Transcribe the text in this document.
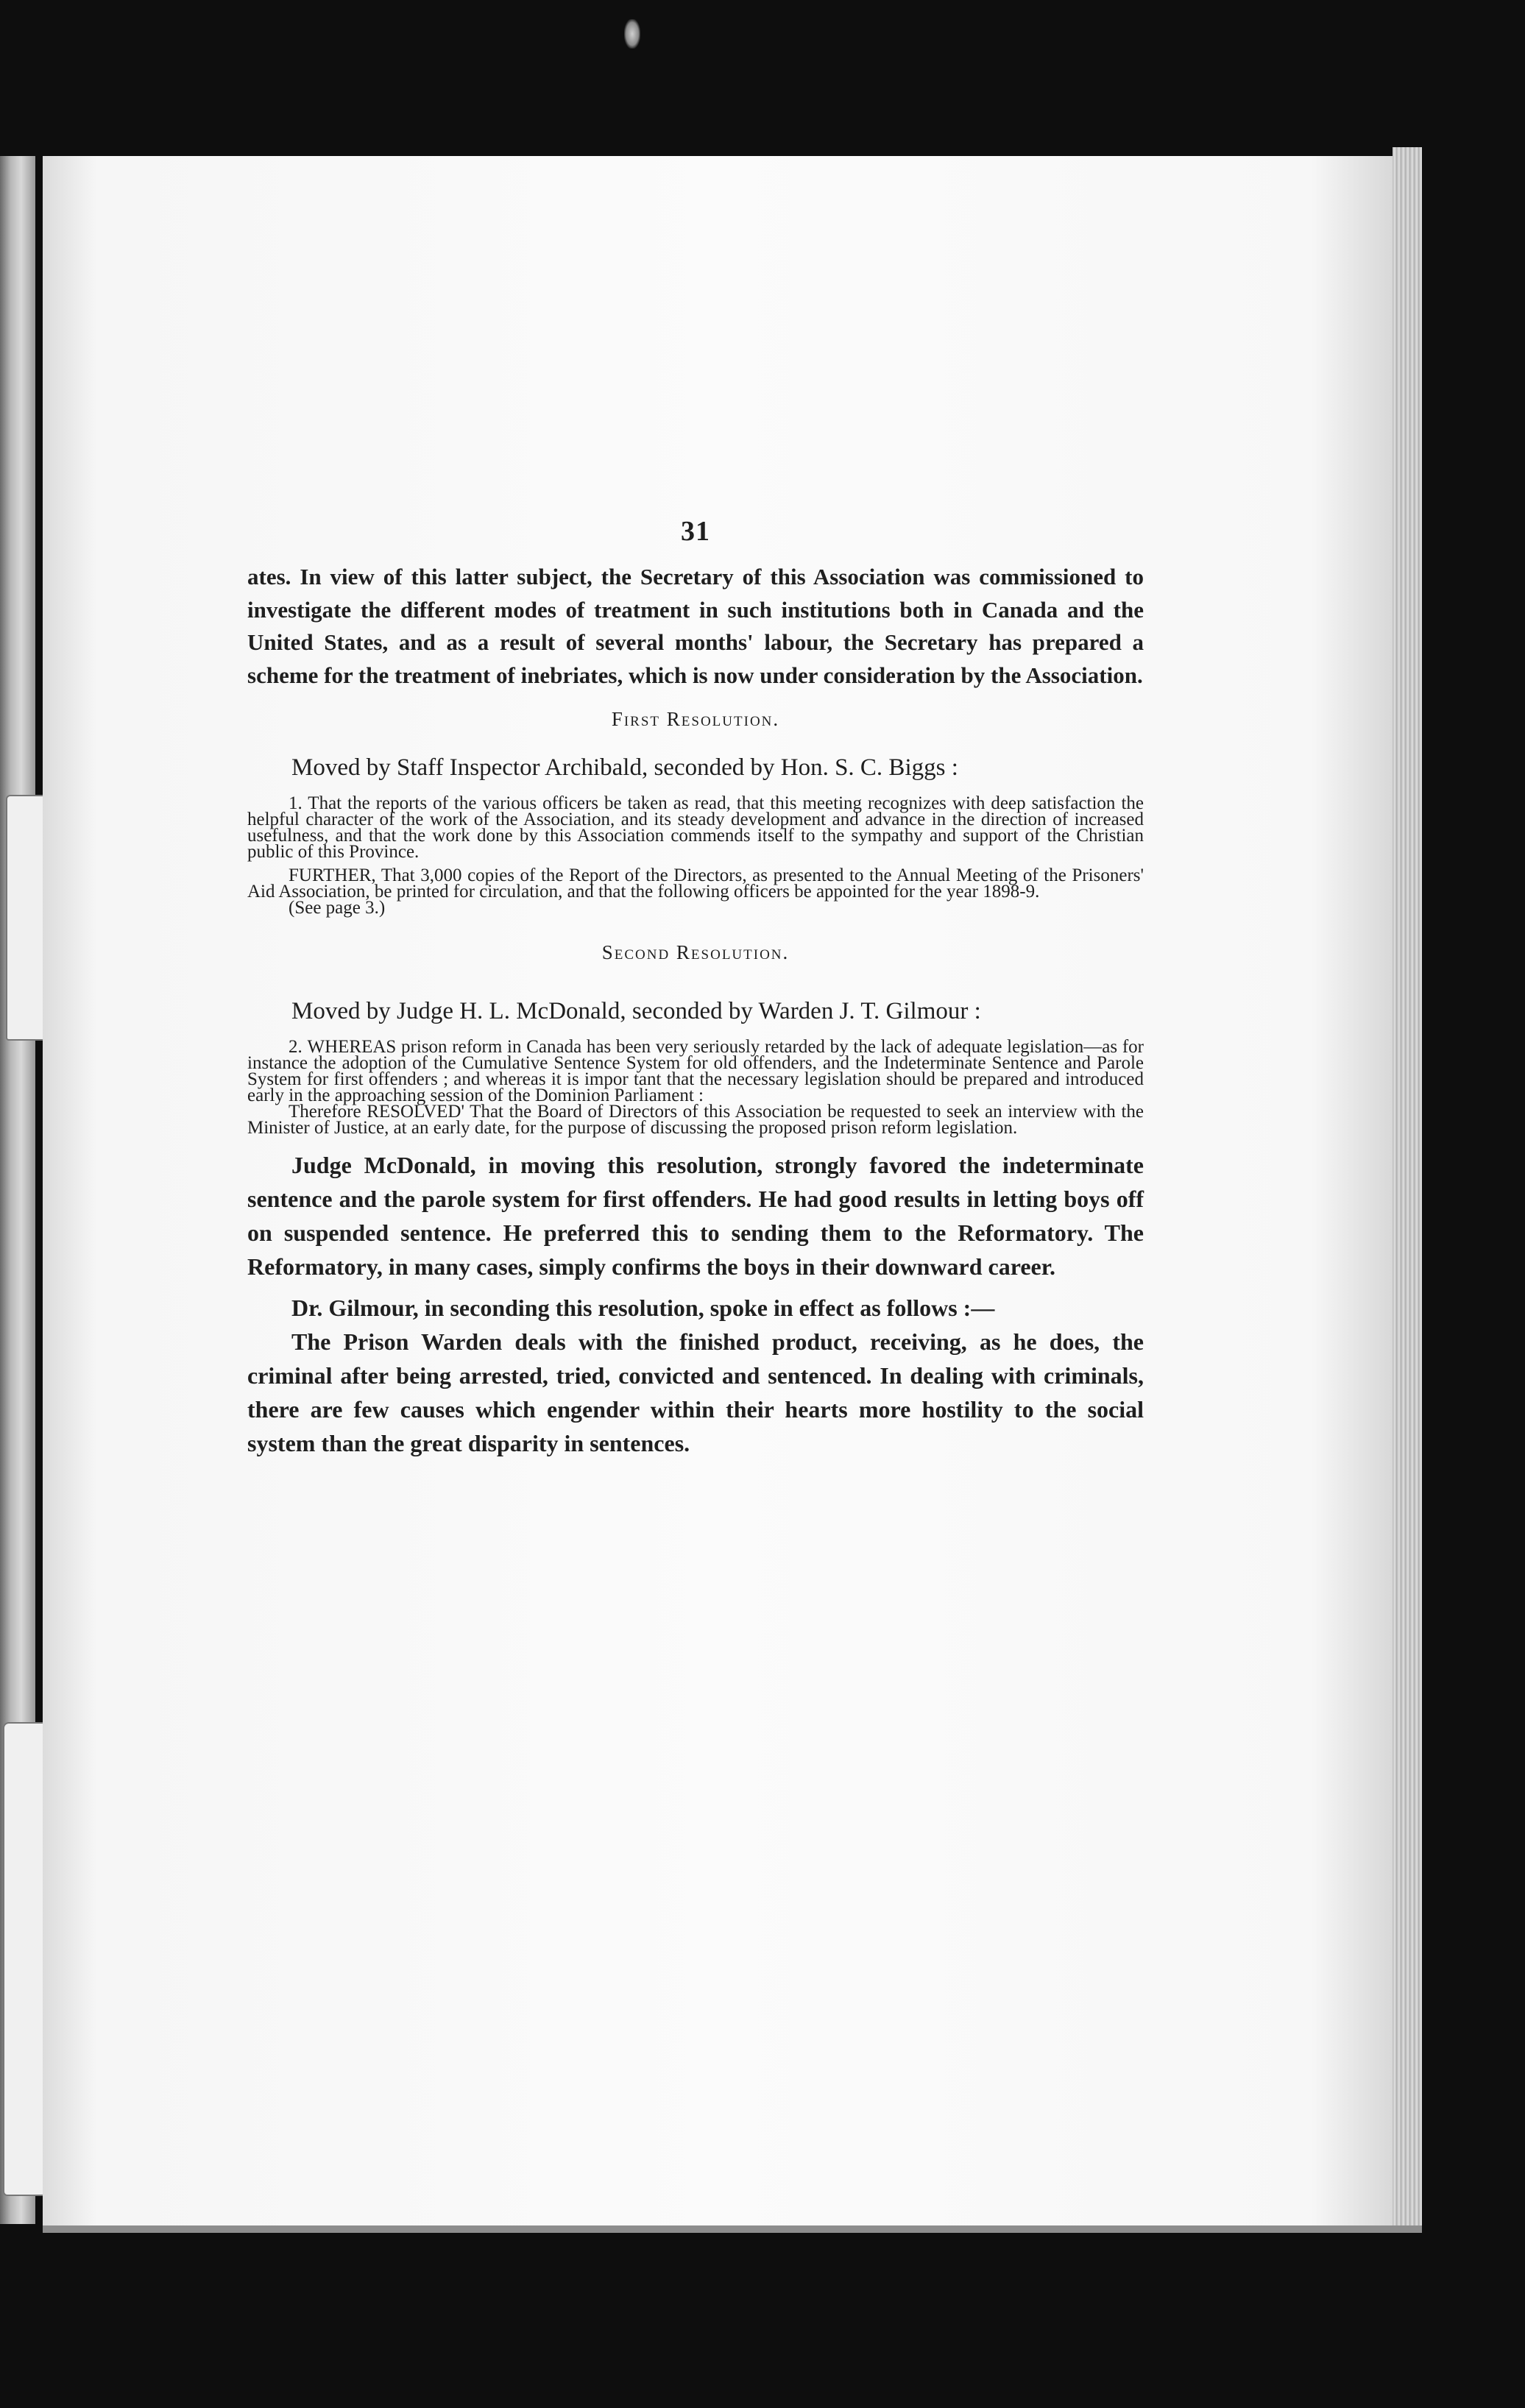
31

ates. In view of this latter subject, the Secretary of this Association was commissioned to investigate the different modes of treatment in such institutions both in Canada and the United States, and as a result of several months' labour, the Secretary has prepared a scheme for the treatment of inebriates, which is now under consideration by the Association.

First Resolution.

Moved by Staff Inspector Archibald, seconded by Hon. S. C. Biggs :

1. That the reports of the various officers be taken as read, that this meeting recognizes with deep satisfaction the helpful character of the work of the Association, and its steady development and advance in the direction of increased usefulness, and that the work done by this Association commends itself to the sympathy and support of the Christian public of this Province.

FURTHER, That 3,000 copies of the Report of the Directors, as presented to the Annual Meeting of the Prisoners' Aid Association, be printed for circulation, and that the following officers be appointed for the year 1898-9.

(See page 3.)

Second Resolution.

Moved by Judge H. L. McDonald, seconded by Warden J. T. Gilmour :

2. WHEREAS prison reform in Canada has been very seriously retarded by the lack of adequate legislation—as for instance the adoption of the Cumulative Sentence System for old offenders, and the Indeterminate Sentence and Parole System for first offenders ; and whereas it is impor tant that the necessary legislation should be prepared and introduced early in the approaching session of the Dominion Parliament :

Therefore RESOLVED' That the Board of Directors of this Association be requested to seek an interview with the Minister of Justice, at an early date, for the purpose of discussing the proposed prison reform legislation.

Judge McDonald, in moving this resolution, strongly favored the indeterminate sentence and the parole system for first offenders. He had good results in letting boys off on suspended sentence. He preferred this to sending them to the Reformatory. The Reformatory, in many cases, simply confirms the boys in their downward career.

Dr. Gilmour, in seconding this resolution, spoke in effect as follows :—

The Prison Warden deals with the finished product, receiving, as he does, the criminal after being arrested, tried, convicted and sentenced. In dealing with criminals, there are few causes which engender within their hearts more hostility to the social system than the great disparity in sentences.
